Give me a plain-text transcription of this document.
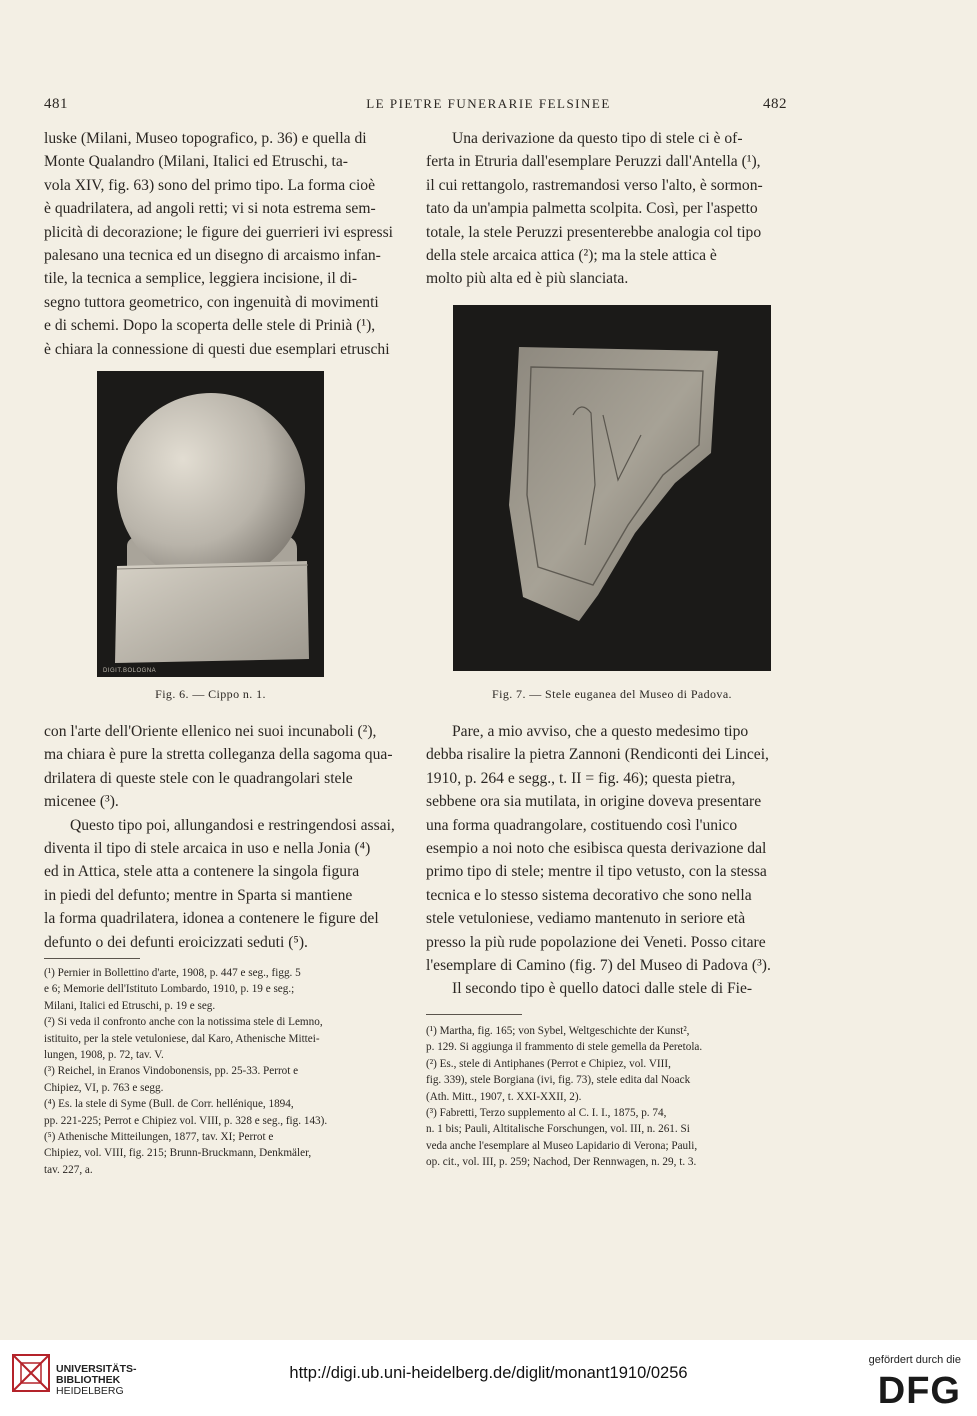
481	LE PIETRE FUNERARIE FELSINEE	482

luske (Milani, Museo topografico, p. 36) e quella di

Monte Qualandro (Milani, Italici ed Etruschi, ta-

vola XIV, fig. 63) sono del primo tipo. La forma cioè

è quadrilatera, ad angoli retti; vi si nota estrema sem-

plicità di decorazione; le figure dei guerrieri ivi espressi

palesano una tecnica ed un disegno di arcaismo infan-

tile, la tecnica a semplice, leggiera incisione, il di-

segno tuttora geometrico, con ingenuità di movimenti

e di schemi. Dopo la scoperta delle stele di Prinià (¹),

è chiara la connessione di questi due esemplari etruschi

Una derivazione da questo tipo di stele ci è of-

ferta in Etruria dall'esemplare Peruzzi dall'Antella (¹),

il cui rettangolo, rastremandosi verso l'alto, è sormon-

tato da un'ampia palmetta scolpita. Così, per l'aspetto

totale, la stele Peruzzi presenterebbe analogia col tipo

della stele arcaica attica (²); ma la stele attica è

molto più alta ed è più slanciata.

DIGIT.BOLOGNA
Fig. 6. — Cippo n. 1.	Fig. 7. — Stele euganea del Museo di Padova.

con l'arte dell'Oriente ellenico nei suoi incunaboli (²),

ma chiara è pure la stretta colleganza della sagoma qua-

drilatera di queste stele con le quadrangolari stele

micenee (³).

Questo tipo poi, allungandosi e restringendosi assai,

diventa il tipo di stele arcaica in uso e nella Jonia (⁴)

ed in Attica, stele atta a contenere la singola figura

in piedi del defunto; mentre in Sparta si mantiene

la forma quadrilatera, idonea a contenere le figure del

defunto o dei defunti eroicizzati seduti (⁵).

Pare, a mio avviso, che a questo medesimo tipo

debba risalire la pietra Zannoni (Rendiconti dei Lincei,

1910, p. 264 e segg., t. II = fig. 46); questa pietra,

sebbene ora sia mutilata, in origine doveva presentare

una forma quadrangolare, costituendo così l'unico

esempio a noi noto che esibisca questa derivazione dal

primo tipo di stele; mentre il tipo vetusto, con la stessa

tecnica e lo stesso sistema decorativo che sono nella

stele vetuloniese, vediamo mantenuto in seriore età

presso la più rude popolazione dei Veneti. Posso citare

l'esemplare di Camino (fig. 7) del Museo di Padova (³).

Il secondo tipo è quello datoci dalle stele di Fie-

(¹) Pernier in Bollettino d'arte, 1908, p. 447 e seg., figg. 5

e 6; Memorie dell'Istituto Lombardo, 1910, p. 19 e seg.;

Milani, Italici ed Etruschi, p. 19 e seg.

(²) Si veda il confronto anche con la notissima stele di Lemno,

istituito, per la stele vetuloniese, dal Karo, Athenische Mittei-

lungen, 1908, p. 72, tav. V.

(³) Reichel, in Eranos Vindobonensis, pp. 25-33. Perrot e

Chipiez, VI, p. 763 e segg.

(⁴) Es. la stele di Syme (Bull. de Corr. hellénique, 1894,

pp. 221-225; Perrot e Chipiez vol. VIII, p. 328 e seg., fig. 143).

(⁵) Athenische Mitteilungen, 1877, tav. XI; Perrot e

Chipiez, vol. VIII, fig. 215; Brunn-Bruckmann, Denkmäler,

tav. 227, a.

(¹) Martha, fig. 165; von Sybel, Weltgeschichte der Kunst²,

p. 129. Si aggiunga il frammento di stele gemella da Peretola.

(²) Es., stele di Antiphanes (Perrot e Chipiez, vol. VIII,

fig. 339), stele Borgiana (ivi, fig. 73), stele edita dal Noack

(Ath. Mitt., 1907, t. XXI-XXII, 2).

(³) Fabretti, Terzo supplemento al C. I. I., 1875, p. 74,

n. 1 bis; Pauli, Altitalische Forschungen, vol. III, n. 261. Si

veda anche l'esemplare al Museo Lapidario di Verona; Pauli,

op. cit., vol. III, p. 259; Nachod, Der Rennwagen, n. 29, t. 3.

UNIVERSITÄTS-
BIBLIOTHEK
HEIDELBERG
http://digi.ub.uni-heidelberg.de/diglit/monant1910/0256
gefördert durch die
DFG
